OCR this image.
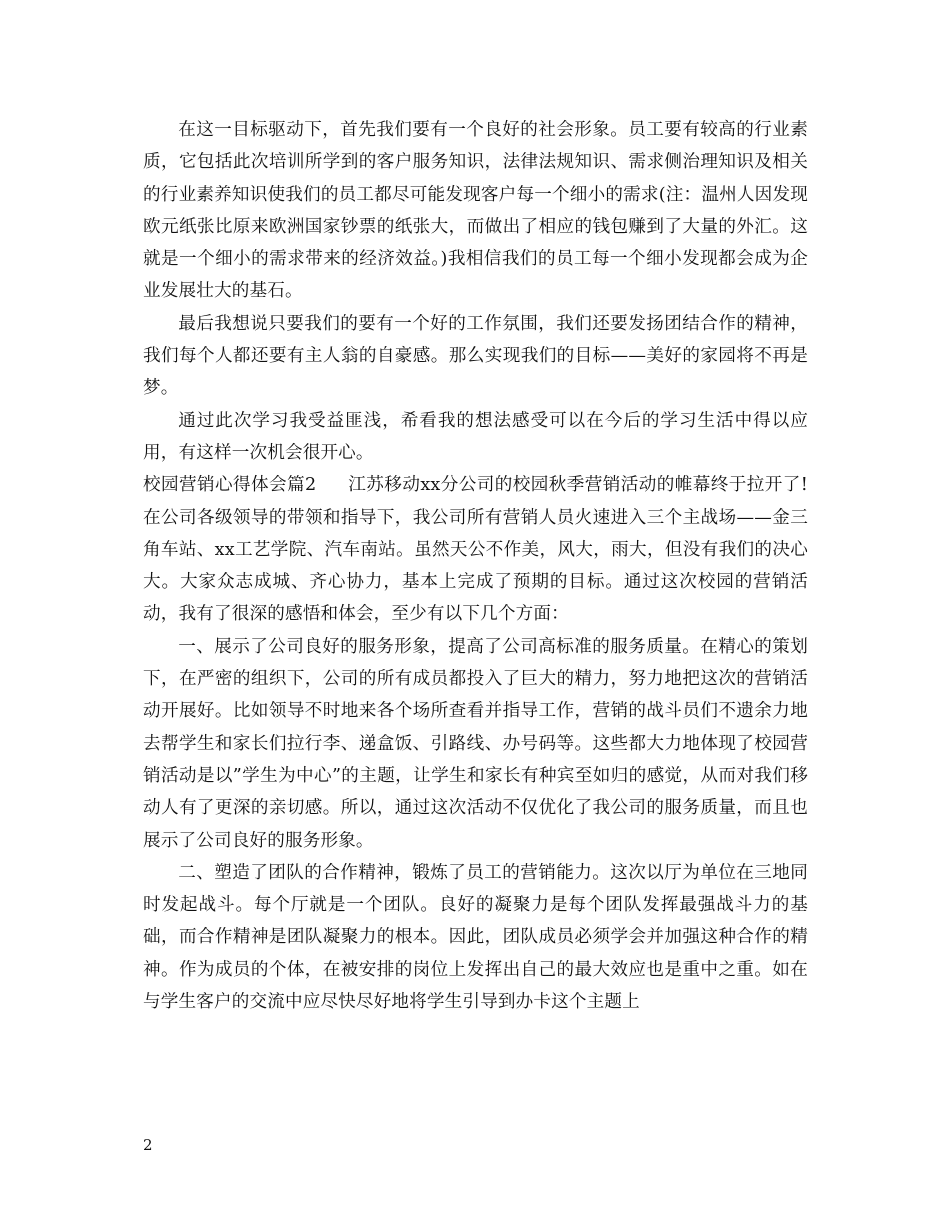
在这一目标驱动下，首先我们要有一个良好的社会形象。员工要有较高的行业素质，它包括此次培训所学到的客户服务知识，法律法规知识、需求侧治理知识及相关的行业素养知识使我们的员工都尽可能发现客户每一个细小的需求(注：温州人因发现欧元纸张比原来欧洲国家钞票的纸张大，而做出了相应的钱包赚到了大量的外汇。这就是一个细小的需求带来的经济效益。)我相信我们的员工每一个细小发现都会成为企业发展壮大的基石。

最后我想说只要我们的要有一个好的工作氛围，我们还要发扬团结合作的精神，我们每个人都还要有主人翁的自豪感。那么实现我们的目标——美好的家园将不再是梦。

通过此次学习我受益匪浅，希看我的想法感受可以在今后的学习生活中得以应用，有这样一次机会很开心。

校园营销心得体会篇2 江苏移动xx分公司的校园秋季营销活动的帷幕终于拉开了!在公司各级领导的带领和指导下，我公司所有营销人员火速进入三个主战场——金三角车站、xx工艺学院、汽车南站。虽然天公不作美，风大，雨大，但没有我们的决心大。大家众志成城、齐心协力，基本上完成了预期的目标。通过这次校园的营销活动，我有了很深的感悟和体会，至少有以下几个方面：

一、展示了公司良好的服务形象，提高了公司高标准的服务质量。在精心的策划下，在严密的组织下，公司的所有成员都投入了巨大的精力，努力地把这次的营销活动开展好。比如领导不时地来各个场所查看并指导工作，营销的战斗员们不遗余力地去帮学生和家长们拉行李、递盒饭、引路线、办号码等。这些都大力地体现了校园营销活动是以”学生为中心”的主题，让学生和家长有种宾至如归的感觉，从而对我们移动人有了更深的亲切感。所以，通过这次活动不仅优化了我公司的服务质量，而且也展示了公司良好的服务形象。

二、塑造了团队的合作精神，锻炼了员工的营销能力。这次以厅为单位在三地同时发起战斗。每个厅就是一个团队。良好的凝聚力是每个团队发挥最强战斗力的基础，而合作精神是团队凝聚力的根本。因此，团队成员必须学会并加强这种合作的精神。作为成员的个体，在被安排的岗位上发挥出自己的最大效应也是重中之重。如在与学生客户的交流中应尽快尽好地将学生引导到办卡这个主题上

2
